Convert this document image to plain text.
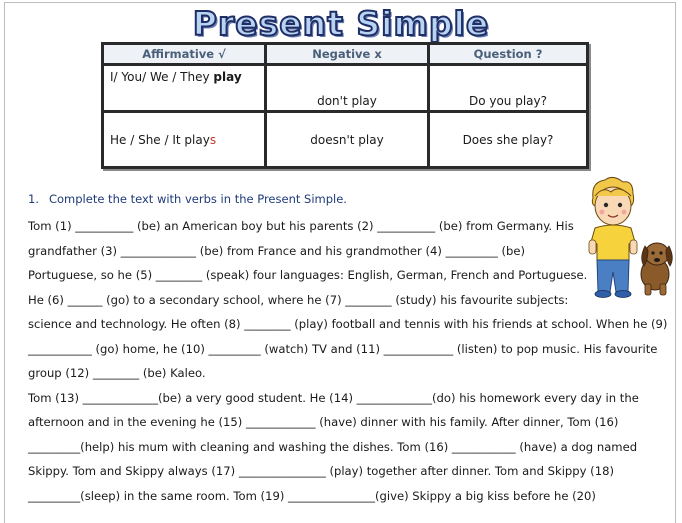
Present Simple
Affirmative √	Negative x	Question ?
I/ You/ We / They play	don't play	Do you play?
He / She / It plays	doesn't play	Does she play?
1. Complete the text with verbs in the Present Simple.
Tom (1) __________ (be) an American boy but his parents (2) __________ (be) from Germany. His
grandfather (3) _____________ (be) from France and his grandmother (4) _________ (be)
Portuguese, so he (5) ________ (speak) four languages: English, German, French and Portuguese.
He (6) ______ (go) to a secondary school, where he (7) ________ (study) his favourite subjects:
science and technology. He often (8) ________ (play) football and tennis with his friends at school. When he (9)
___________ (go) home, he (10) _________ (watch) TV and (11) ____________ (listen) to pop music. His favourite
group (12) ________ (be) Kaleo.
Tom (13) _____________(be) a very good student. He (14) _____________(do) his homework every day in the
afternoon and in the evening he (15) ____________ (have) dinner with his family. After dinner, Tom (16)
_________(help) his mum with cleaning and washing the dishes. Tom (16) ___________ (have) a dog named
Skippy. Tom and Skippy always (17) _______________ (play) together after dinner. Tom and Skippy (18)
_________(sleep) in the same room. Tom (19) _______________(give) Skippy a big kiss before he (20)
